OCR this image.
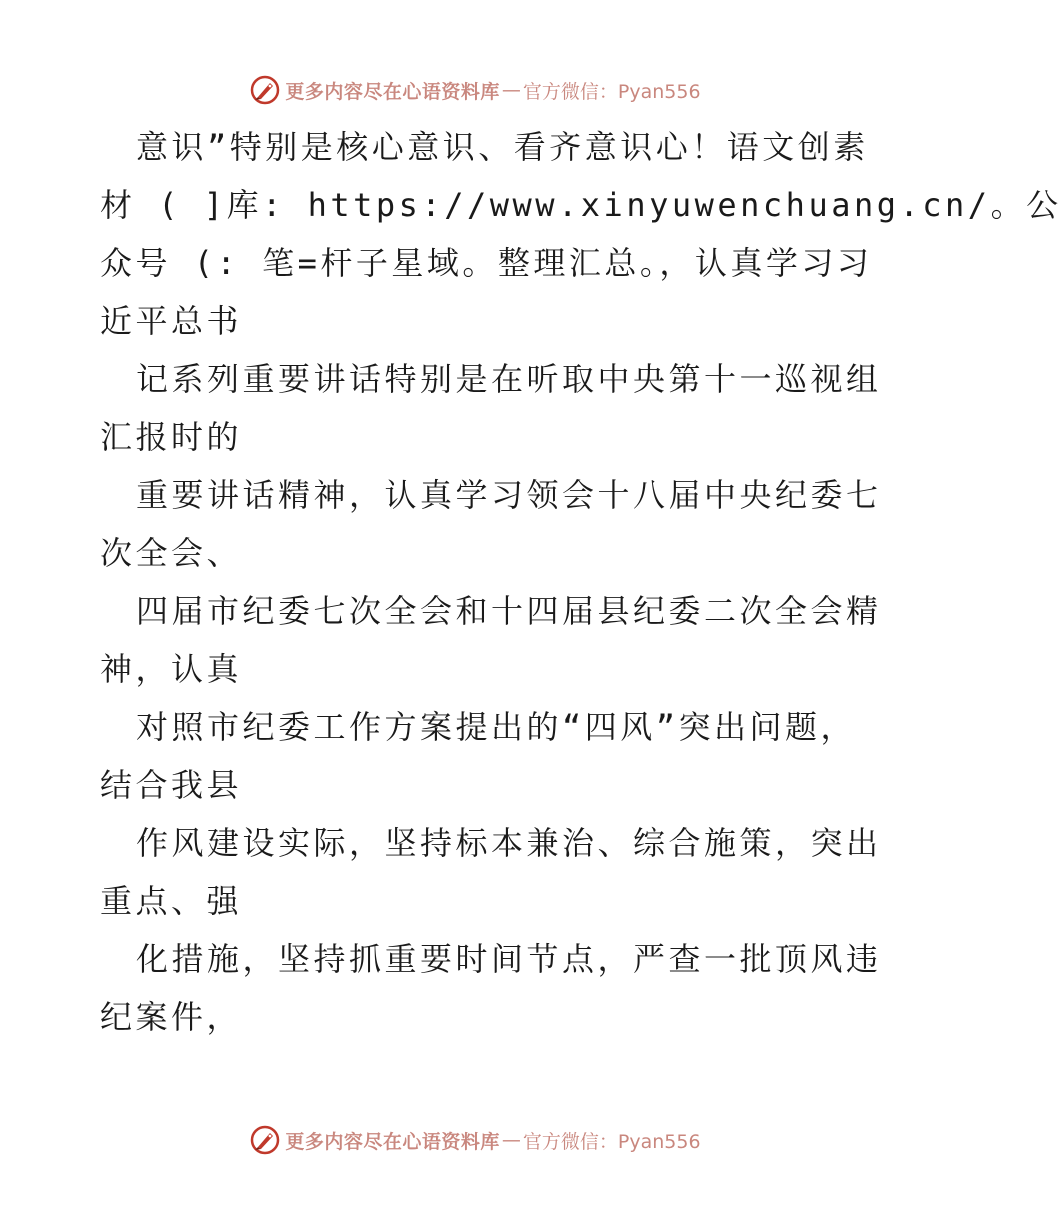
更多内容尽在心语资料库 — 官方微信：Pyan556
意识”特别是核心意识、看齐意识心！语文创素
材 ( ]库: https://www.xinyuwenchuang.cn/。公
众号 (: 笔=杆子星域。整理汇总。，认真学习习
近平总书
记系列重要讲话特别是在听取中央第十一巡视组
汇报时的
重要讲话精神，认真学习领会十八届中央纪委七
次全会、
四届市纪委七次全会和十四届县纪委二次全会精
神，认真
对照市纪委工作方案提出的“四风”突出问题，
结合我县
作风建设实际，坚持标本兼治、综合施策，突出
重点、强
化措施，坚持抓重要时间节点，严查一批顶风违
纪案件，
更多内容尽在心语资料库 — 官方微信：Pyan556
